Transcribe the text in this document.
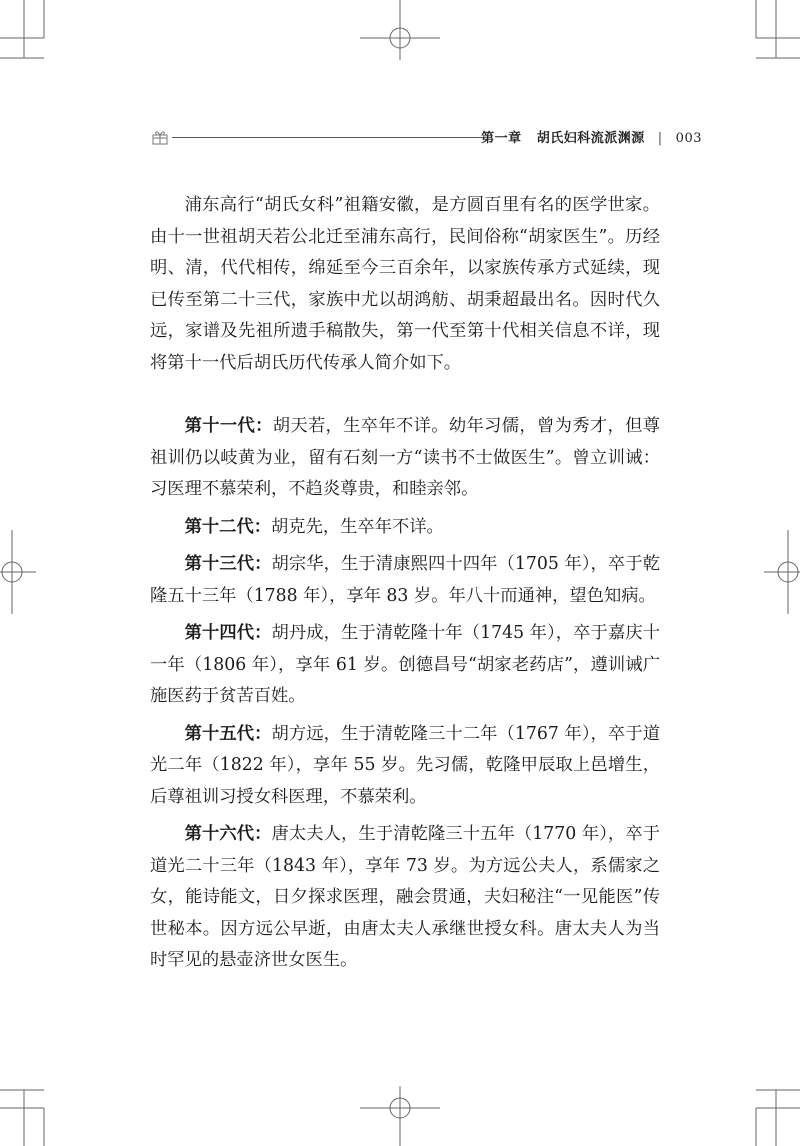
第一章 胡氏妇科流派渊源 | 003

浦东高行“胡氏女科”祖籍安徽，是方圆百里有名的医学世家。由十一世祖胡天若公北迁至浦东高行，民间俗称“胡家医生”。历经明、清，代代相传，绵延至今三百余年，以家族传承方式延续，现已传至第二十三代，家族中尤以胡鸿舫、胡秉超最出名。因时代久远，家谱及先祖所遗手稿散失，第一代至第十代相关信息不详，现将第十一代后胡氏历代传承人简介如下。

第十一代：胡天若，生卒年不详。幼年习儒，曾为秀才，但尊祖训仍以岐黄为业，留有石刻一方“读书不士做医生”。曾立训诫：习医理不慕荣利，不趋炎尊贵，和睦亲邻。

第十二代：胡克先，生卒年不详。

第十三代：胡宗华，生于清康熙四十四年（1705 年），卒于乾隆五十三年（1788 年），享年 83 岁。年八十而通神，望色知病。

第十四代：胡丹成，生于清乾隆十年（1745 年），卒于嘉庆十一年（1806 年），享年 61 岁。创德昌号“胡家老药店”，遵训诫广施医药于贫苦百姓。

第十五代：胡方远，生于清乾隆三十二年（1767 年），卒于道光二年（1822 年），享年 55 岁。先习儒，乾隆甲辰取上邑增生，后尊祖训习授女科医理，不慕荣利。

第十六代：唐太夫人，生于清乾隆三十五年（1770 年），卒于道光二十三年（1843 年），享年 73 岁。为方远公夫人，系儒家之女，能诗能文，日夕探求医理，融会贯通，夫妇秘注“一见能医”传世秘本。因方远公早逝，由唐太夫人承继世授女科。唐太夫人为当时罕见的悬壶济世女医生。
